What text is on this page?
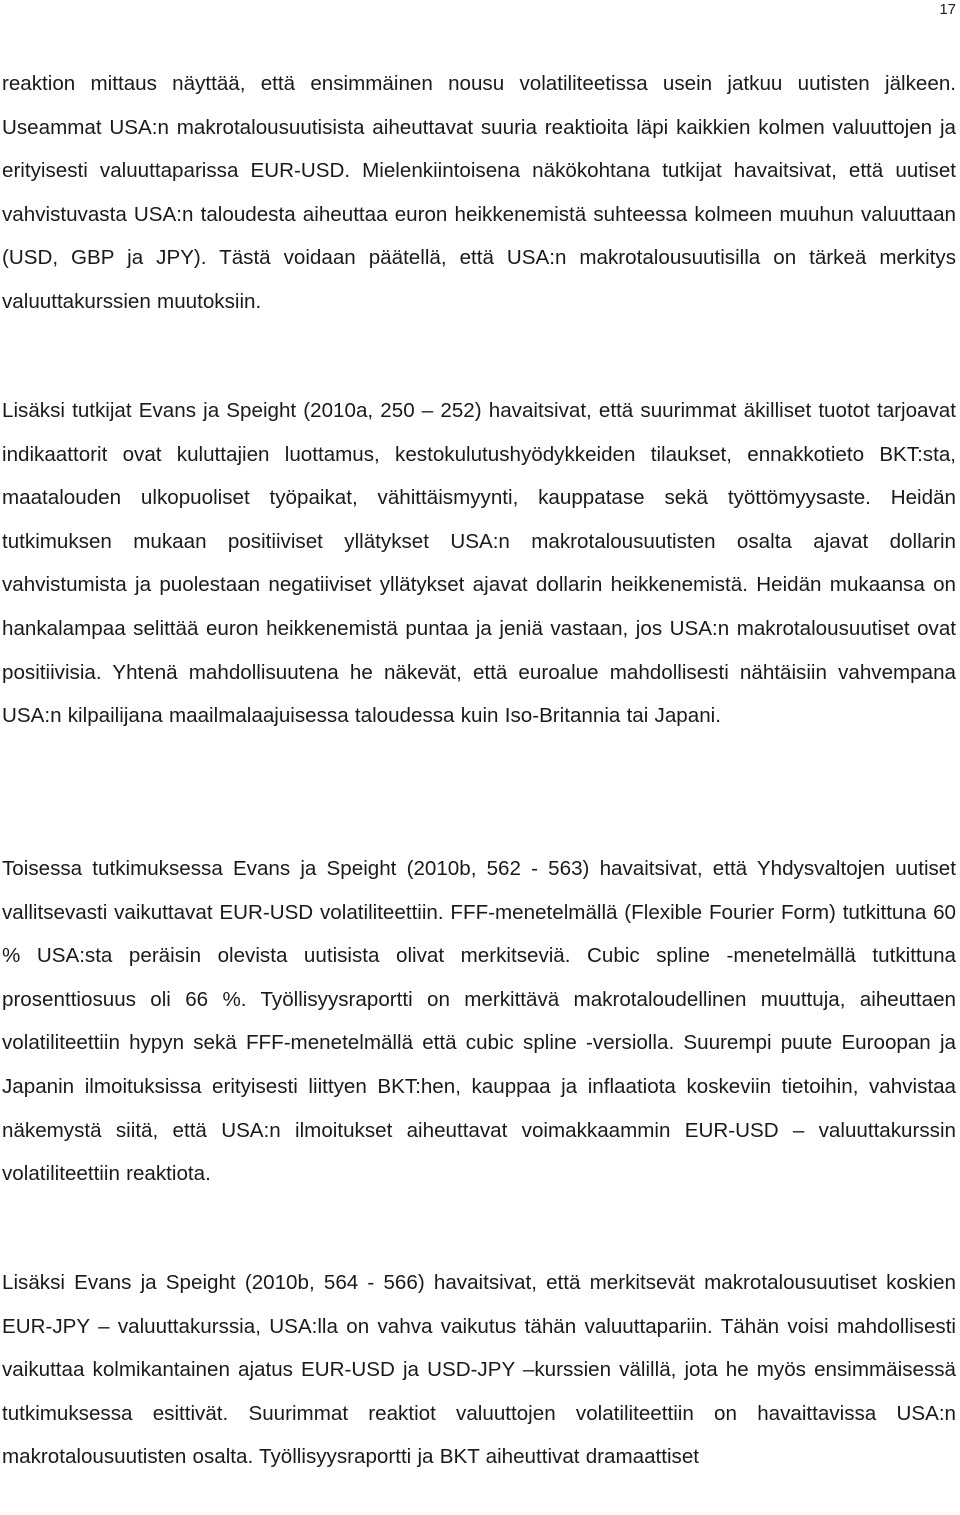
17

reaktion mittaus näyttää, että ensimmäinen nousu volatiliteetissa usein jatkuu uutisten jälkeen. Useammat USA:n makrotalousuutisista aiheuttavat suuria reaktioita läpi kaikkien kolmen valuuttojen ja erityisesti valuuttaparissa EUR-USD. Mielenkiintoisena näkökohtana tutkijat havaitsivat, että uutiset vahvistuvasta USA:n taloudesta aiheuttaa euron heikkenemistä suhteessa kolmeen muuhun valuuttaan (USD, GBP ja JPY). Tästä voidaan päätellä, että USA:n makrotalousuutisilla on tärkeä merkitys valuuttakurssien muutoksiin.

Lisäksi tutkijat Evans ja Speight (2010a, 250 – 252) havaitsivat, että suurimmat äkilliset tuotot tarjoavat indikaattorit ovat kuluttajien luottamus, kestokulutushyödykkeiden tilaukset, ennakkotieto BKT:sta, maatalouden ulkopuoliset työpaikat, vähittäismyynti, kauppatase sekä työttömyysaste. Heidän tutkimuksen mukaan positiiviset yllätykset USA:n makrotalousuutisten osalta ajavat dollarin vahvistumista ja puolestaan negatiiviset yllätykset ajavat dollarin heikkenemistä. Heidän mukaansa on hankalampaa selittää euron heikkenemistä puntaa ja jeniä vastaan, jos USA:n makrotalousuutiset ovat positiivisia. Yhtenä mahdollisuutena he näkevät, että euroalue mahdollisesti nähtäisiin vahvempana USA:n kilpailijana maailmalaajuisessa taloudessa kuin Iso-Britannia tai Japani.

Toisessa tutkimuksessa Evans ja Speight (2010b, 562 - 563) havaitsivat, että Yhdysvaltojen uutiset vallitsevasti vaikuttavat EUR-USD volatiliteettiin. FFF-menetelmällä (Flexible Fourier Form) tutkittuna 60 % USA:sta peräisin olevista uutisista olivat merkitseviä. Cubic spline -menetelmällä tutkittuna prosenttiosuus oli 66 %. Työllisyysraportti on merkittävä makrotaloudellinen muuttuja, aiheuttaen volatiliteettiin hypyn sekä FFF-menetelmällä että cubic spline -versiolla. Suurempi puute Euroopan ja Japanin ilmoituksissa erityisesti liittyen BKT:hen, kauppaa ja inflaatiota koskeviin tietoihin, vahvistaa näkemystä siitä, että USA:n ilmoitukset aiheuttavat voimakkaammin EUR-USD – valuuttakurssin volatiliteettiin reaktiota.

Lisäksi Evans ja Speight (2010b, 564 - 566) havaitsivat, että merkitsevät makrotalousuutiset koskien EUR-JPY – valuuttakurssia, USA:lla on vahva vaikutus tähän valuuttapariin. Tähän voisi mahdollisesti vaikuttaa kolmikantainen ajatus EUR-USD ja USD-JPY –kurssien välillä, jota he myös ensimmäisessä tutkimuksessa esittivät. Suurimmat reaktiot valuuttojen volatiliteettiin on havaittavissa USA:n makrotalousuutisten osalta. Työllisyysraportti ja BKT aiheuttivat dramaattiset
